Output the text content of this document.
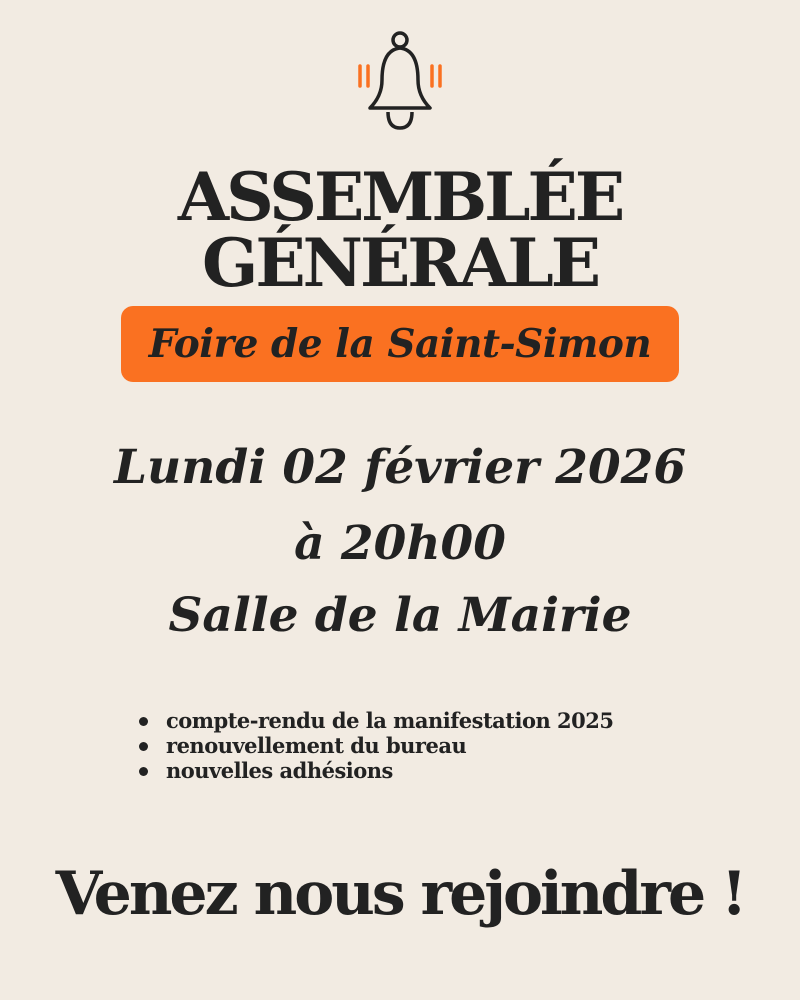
ASSEMBLÉE
GÉNÉRALE
Foire de la Saint-Simon
Lundi 02 février 2026
à 20h00
Salle de la Mairie
compte-rendu de la manifestation 2025
renouvellement du bureau
nouvelles adhésions
Venez nous rejoindre !
